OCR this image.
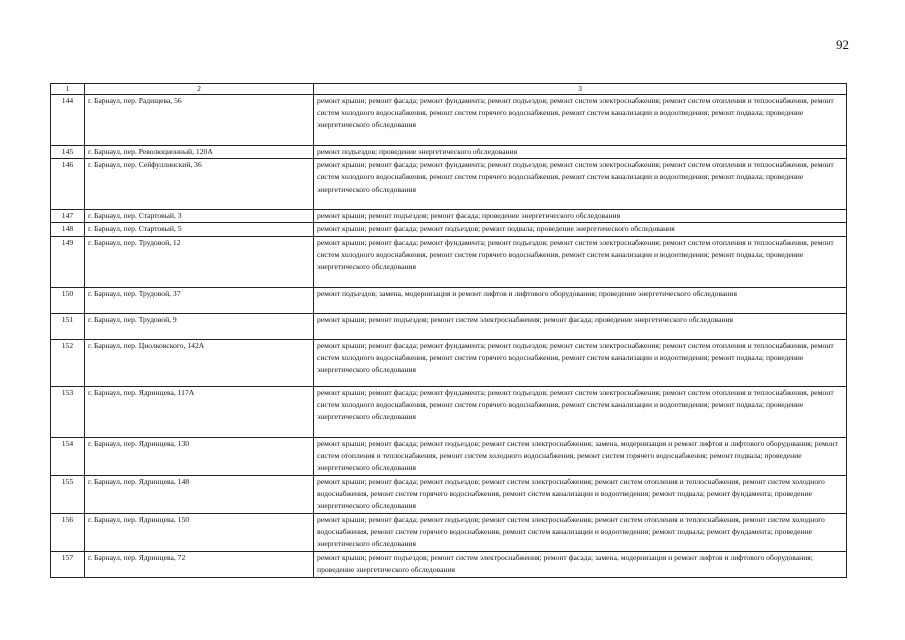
92
1	2	3
144	г. Барнаул, пер. Радищева, 56	ремонт крыши; ремонт фасада; ремонт фундамента; ремонт подъездов; ремонт систем электроснабжения; ремонт систем отопления и теплоснабжения, ремонт систем холодного водоснабжения, ремонт систем горячего водоснабжения, ремонт систем канализации и водоотведения; ремонт подвала; проведение энергетического обследования
145	г. Барнаул, пер. Революционный, 120А	ремонт подъездов; проведение энергетического обследования
146	г. Барнаул, пер. Сейфуллинский, 36	ремонт крыши; ремонт фасада; ремонт фундамента; ремонт подъездов; ремонт систем электроснабжения; ремонт систем отопления и теплоснабжения, ремонт систем холодного водоснабжения, ремонт систем горячего водоснабжения, ремонт систем канализации и водоотведения; ремонт подвала; проведение энергетического обследования
147	г. Барнаул, пер. Стартовый, 3	ремонт крыши; ремонт подъездов; ремонт фасада; проведение энергетического обследования
148	г. Барнаул, пер. Стартовый, 5	ремонт крыши; ремонт фасада; ремонт подъездов; ремонт подвала; проведение энергетического обследования
149	г. Барнаул, пер. Трудовой, 12	ремонт крыши; ремонт фасада; ремонт фундамента; ремонт подъездов; ремонт систем электроснабжения; ремонт систем отопления и теплоснабжения, ремонт систем холодного водоснабжения, ремонт систем горячего водоснабжения, ремонт систем канализации и водоотведения; ремонт подвала; проведение энергетического обследования
150	г. Барнаул, пер. Трудовой, 37	ремонт подъездов; замена, модернизация и ремонт лифтов и лифтового оборудования; проведение энергетического обследования
151	г. Барнаул, пер. Трудовой, 9	ремонт крыши; ремонт подъездов; ремонт систем электроснабжения; ремонт фасада; проведение энергетического обследования
152	г. Барнаул, пер. Циолковского, 142А	ремонт крыши; ремонт фасада; ремонт фундамента; ремонт подъездов; ремонт систем электроснабжения; ремонт систем отопления и теплоснабжения, ремонт систем холодного водоснабжения, ремонт систем горячего водоснабжения, ремонт систем канализации и водоотведения; ремонт подвала; проведение энергетического обследования
153	г. Барнаул, пер. Ядринцева, 117А	ремонт крыши; ремонт фасада; ремонт фундамента; ремонт подъездов; ремонт систем электроснабжения; ремонт систем отопления и теплоснабжения, ремонт систем холодного водоснабжения, ремонт систем горячего водоснабжения, ремонт систем канализации и водоотведения; ремонт подвала; проведение энергетического обследования
154	г. Барнаул, пер. Ядринцева, 130	ремонт крыши; ремонт фасада; ремонт подъездов; ремонт систем электроснабжения; замена, модернизация и ремонт лифтов и лифтового оборудования; ремонт систем отопления и теплоснабжения, ремонт систем холодного водоснабжения, ремонт систем горячего водоснабжения; ремонт подвала; проведение энергетического обследования
155	г. Барнаул, пер. Ядринцева, 148	ремонт крыши; ремонт фасада; ремонт подъездов; ремонт систем электроснабжения; ремонт систем отопления и теплоснабжения, ремонт систем холодного водоснабжения, ремонт систем горячего водоснабжения, ремонт систем канализации и водоотведения; ремонт подвала; ремонт фундамента; проведение энергетического обследования
156	г. Барнаул, пер. Ядринцева, 150	ремонт крыши; ремонт фасада; ремонт подъездов; ремонт систем электроснабжения; ремонт систем отопления и теплоснабжения, ремонт систем холодного водоснабжения, ремонт систем горячего водоснабжения, ремонт систем канализации и водоотведения; ремонт подвала; ремонт фундамента; проведение энергетического обследования
157	г. Барнаул, пер. Ядринцева, 72	ремонт крыши; ремонт подъездов; ремонт систем электроснабжения; ремонт фасада; замена, модернизация и ремонт лифтов и лифтового оборудования; проведение энергетического обследования
